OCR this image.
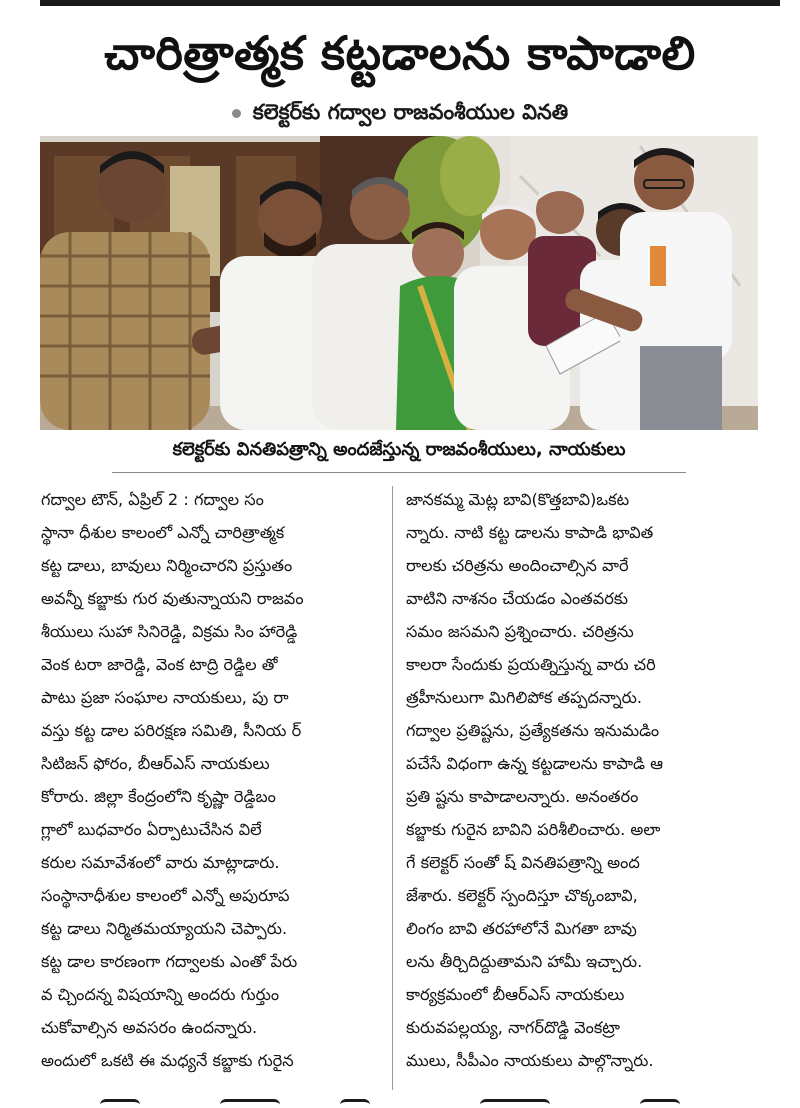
చారిత్రాత్మక కట్టడాలను కాపాడాలి
కలెక్టర్‌కు గద్వాల రాజవంశీయుల వినతి
కలెక్టర్‌కు వినతిపత్రాన్ని అందజేస్తున్న రాజవంశీయులు, నాయకులు
గద్వాల టౌన్, ఏప్రిల్ 2 : గద్వాల సం
స్థానా ధీశుల కాలంలో ఎన్నో చారిత్రాత్మక
కట్ట డాలు, బావులు నిర్మించారని ప్రస్తుతం
అవన్నీ కబ్జాకు గుర వుతున్నాయని రాజవం
శీయులు సుహా సినిరెడ్డి, విక్రమ సిం హారెడ్డి
వెంక టరా జారెడ్డి, వెంక టాద్రి రెడ్డిల తో
పాటు ప్రజా సంఘాల నాయకులు, పు రా
వస్తు కట్ట డాల పరిరక్షణ సమితి, సీనియ ర్
సిటిజన్ ఫోరం, బీఆర్ఎస్ నాయకులు
కోరారు. జిల్లా కేంద్రంలోని కృష్ణా రెడ్డిబం
గ్లాలో బుధవారం ఏర్పాటుచేసిన విలే
కరుల సమావేశంలో వారు మాట్లాడారు.
సంస్థానాధీశుల కాలంలో ఎన్నో అపురూప
కట్ట డాలు నిర్మితమయ్యాయని చెప్పారు.
కట్ట డాల కారణంగా గద్వాలకు ఎంతో పేరు
వ చ్చిందన్న విషయాన్ని అందరు గుర్తుం
చుకోవాల్సిన అవసరం ఉందన్నారు.
అందులో ఒకటి ఈ మధ్యనే కబ్జాకు గురైన
జానకమ్మ మెట్ల బావి(కొత్తబావి)ఒకట
న్నారు. నాటి కట్ట డాలను కాపాడి భావిత
రాలకు చరిత్రను అందించాల్సిన వారే
వాటిని నాశనం చేయడం ఎంతవరకు
సమం జసమని ప్రశ్నించారు. చరిత్రను
కాలరా సేందుకు ప్రయత్నిస్తున్న వారు చరి
త్రహీనులుగా మిగిలిపోక తప్పదన్నారు.
గద్వాల ప్రతిష్టను, ప్రత్యేకతను ఇనుమడిం
పచేసే విధంగా ఉన్న కట్టడాలను కాపాడి ఆ
ప్రతి ష్టను కాపాడాలన్నారు. అనంతరం
కబ్జాకు గురైన బావిని పరిశీలించారు. అలా
గే కలెక్టర్ సంతో ష్ వినతిపత్రాన్ని అంద
జేశారు. కలెక్టర్ స్పందిస్తూ చొక్కంబావి,
లింగం బావి తరహాలోనే మిగతా బావు
లను తీర్చిదిద్దుతామని హామీ ఇచ్చారు.
కార్యక్రమంలో బీఆర్ఎస్ నాయకులు
కురువపల్లయ్య, నాగర్‌దొడ్డి వెంకట్రా
ములు, సీపీఎం నాయకులు పాల్గొన్నారు.
